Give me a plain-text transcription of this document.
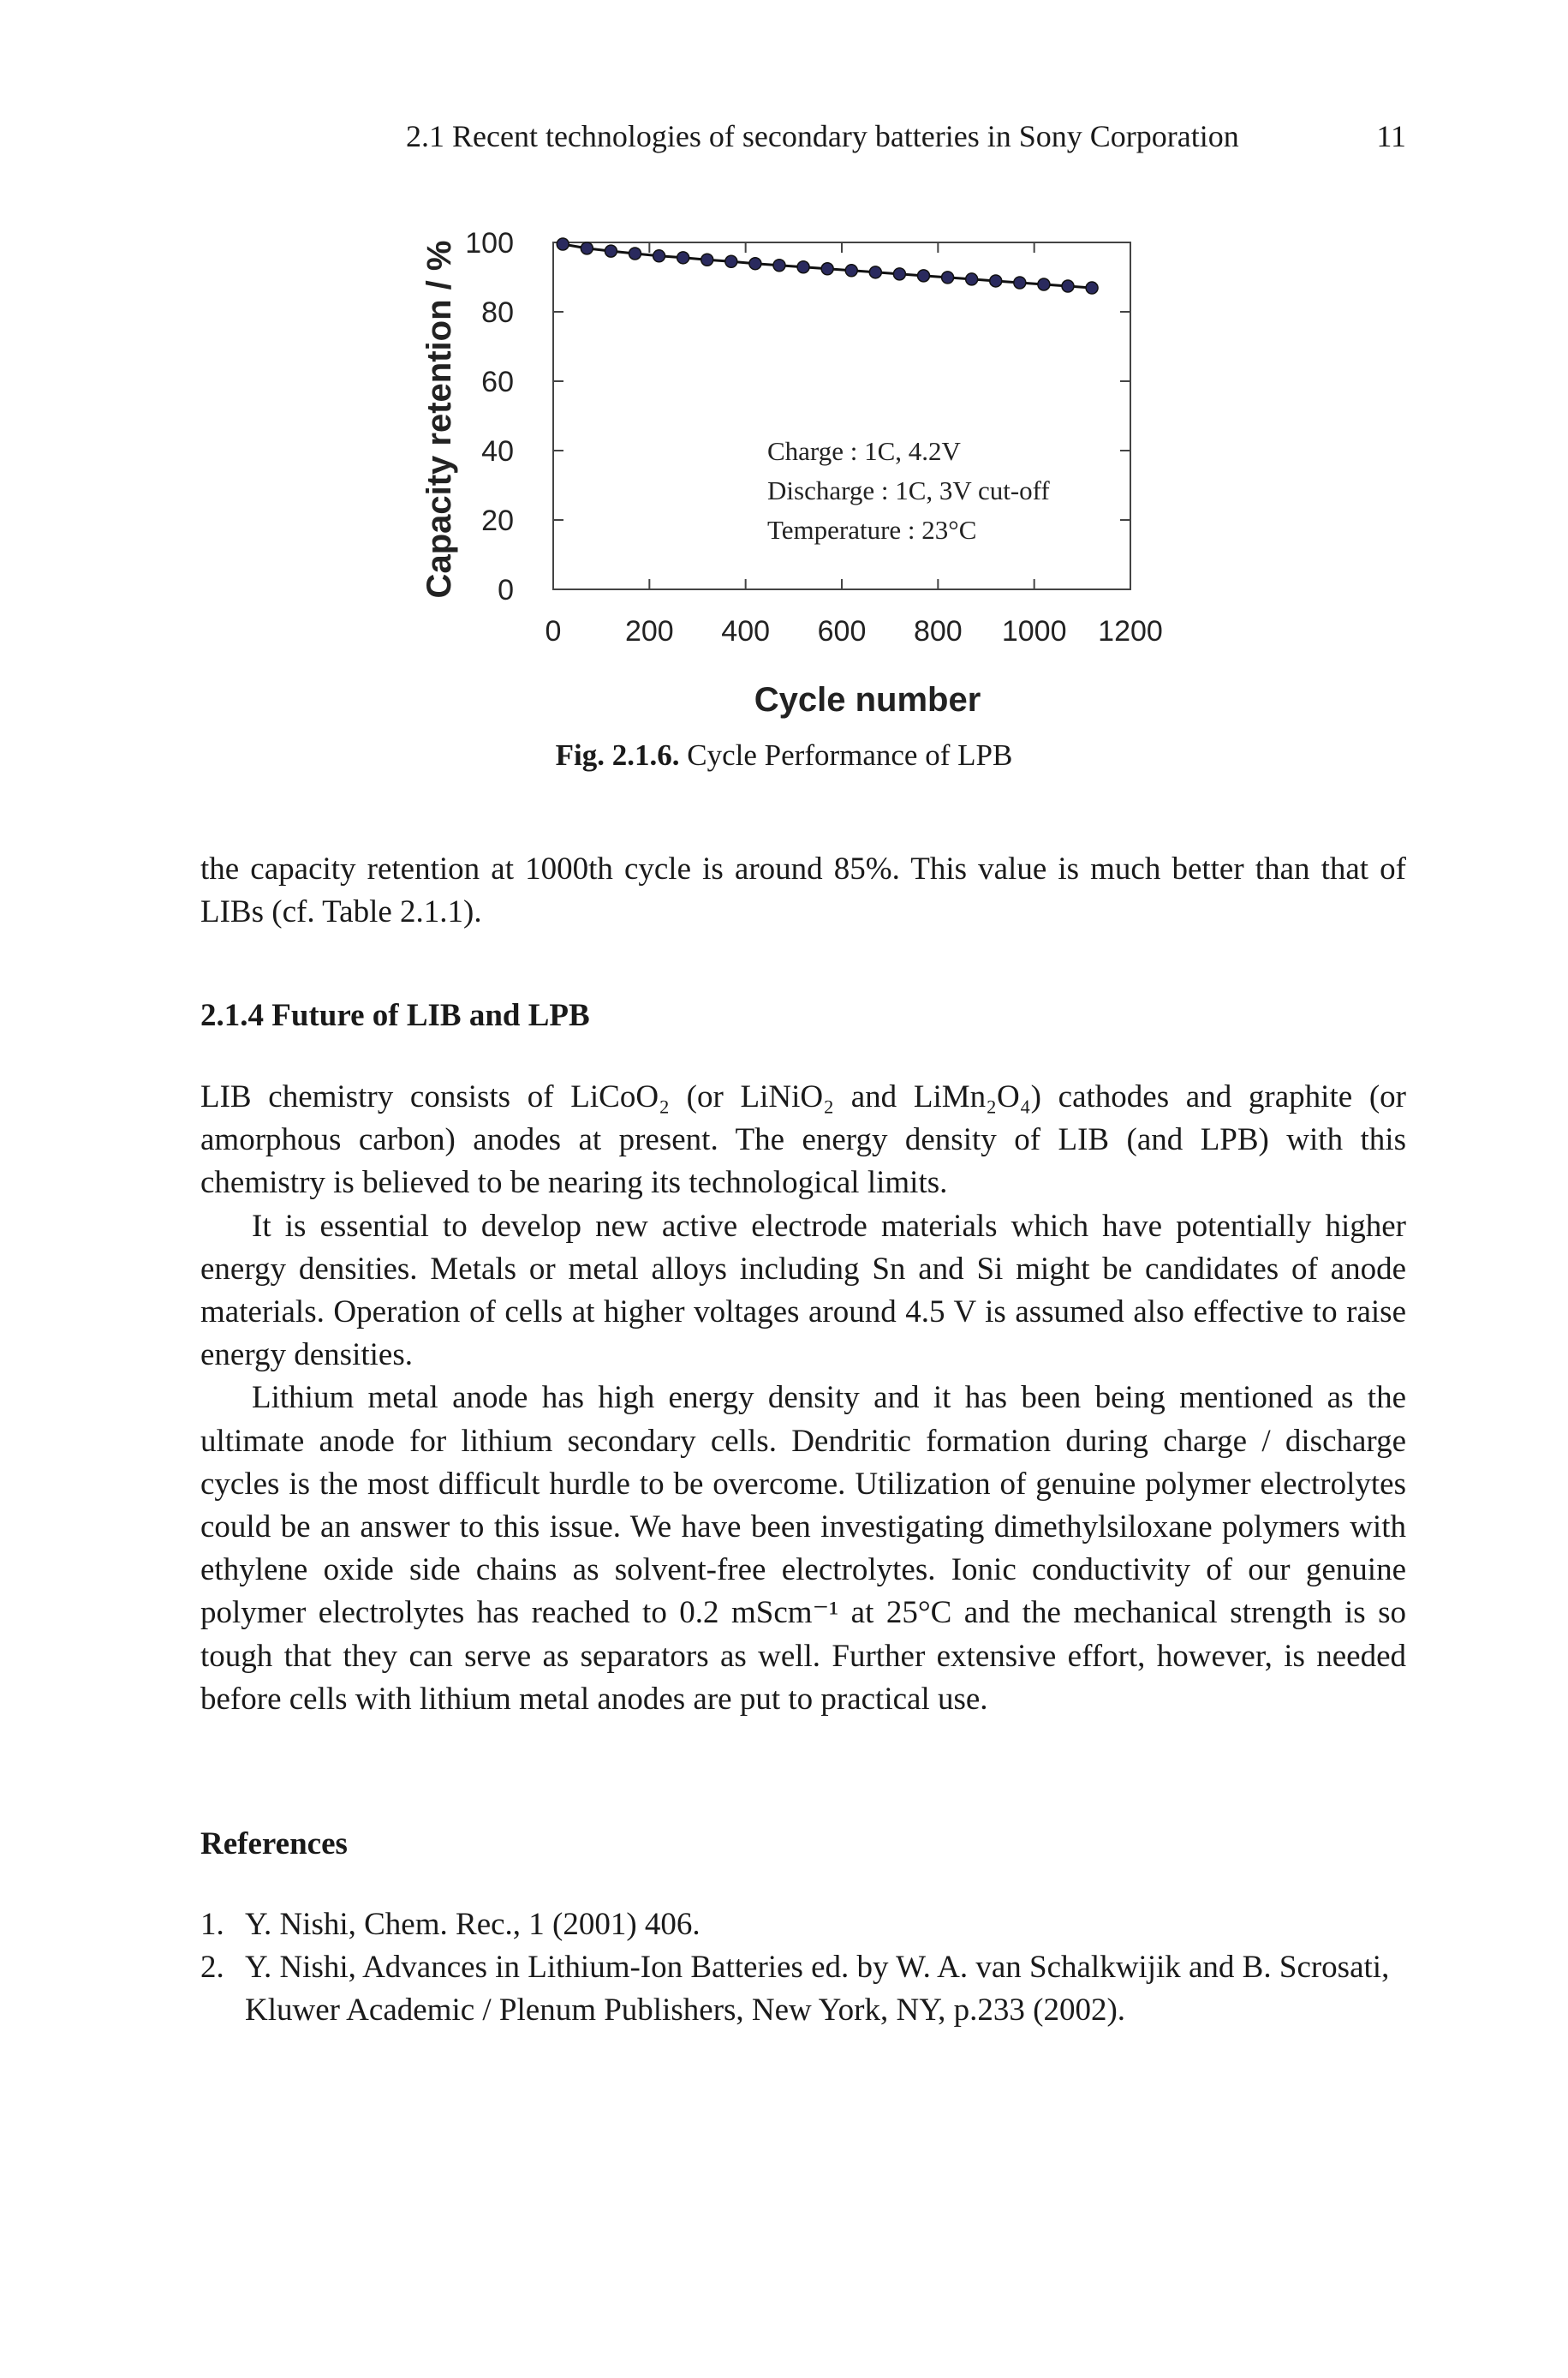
2.1 Recent technologies of secondary batteries in Sony Corporation	11
0
20
40
60
80
100
0 200 400 600 800 1000 1200
Cycle number
Capacity retention / %	Charge : 1C, 4.2V
Discharge : 1C, 3V cut-off
Temperature : 23°C
Fig. 2.1.6. Cycle Performance of LPB

the capacity retention at 1000th cycle is around 85%. This value is much better than that of LIBs (cf. Table 2.1.1).

2.1.4 Future of LIB and LPB

LIB chemistry consists of LiCoO₂ (or LiNiO₂ and LiMn₂O₄) cathodes and graphite (or amorphous carbon) anodes at present. The energy density of LIB (and LPB) with this chemistry is believed to be nearing its technological limits.

It is essential to develop new active electrode materials which have potentially higher energy densities. Metals or metal alloys including Sn and Si might be candidates of anode materials. Operation of cells at higher voltages around 4.5 V is assumed also effective to raise energy densities.

Lithium metal anode has high energy density and it has been being mentioned as the ultimate anode for lithium secondary cells. Dendritic formation during charge / discharge cycles is the most difficult hurdle to be overcome. Utilization of genuine polymer electrolytes could be an answer to this issue. We have been investigating dimethylsiloxane polymers with ethylene oxide side chains as solvent-free electrolytes. Ionic conductivity of our genuine polymer electrolytes has reached to 0.2 mScm⁻¹ at 25°C and the mechanical strength is so tough that they can serve as separators as well. Further extensive effort, however, is needed before cells with lithium metal anodes are put to practical use.

References
1. Y. Nishi, Chem. Rec., 1 (2001) 406.
2. Y. Nishi, Advances in Lithium-Ion Batteries ed. by W. A. van Schalkwijik and B. Scrosati, Kluwer Academic / Plenum Publishers, New York, NY, p.233 (2002).
